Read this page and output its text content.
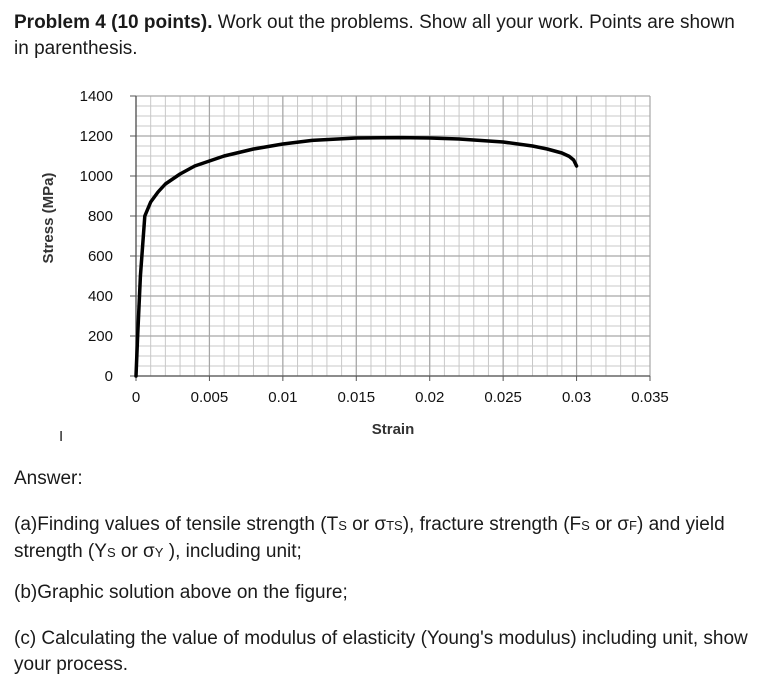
Problem 4 (10 points). Work out the problems. Show all your work. Points are shown in parenthesis.
0
200
400
600
800
1000
1200
1400
0	0.005	0.01	0.015	0.02	0.025	0.03	0.035
Stress (MPa)
Strain
I
Answer:
(a)Finding values of tensile strength (TS or σTS), fracture strength (FS or σF) and yield strength (YS or σY ), including unit;
(b)Graphic solution above on the figure;
(c) Calculating the value of modulus of elasticity (Young's modulus) including unit, show your process.
